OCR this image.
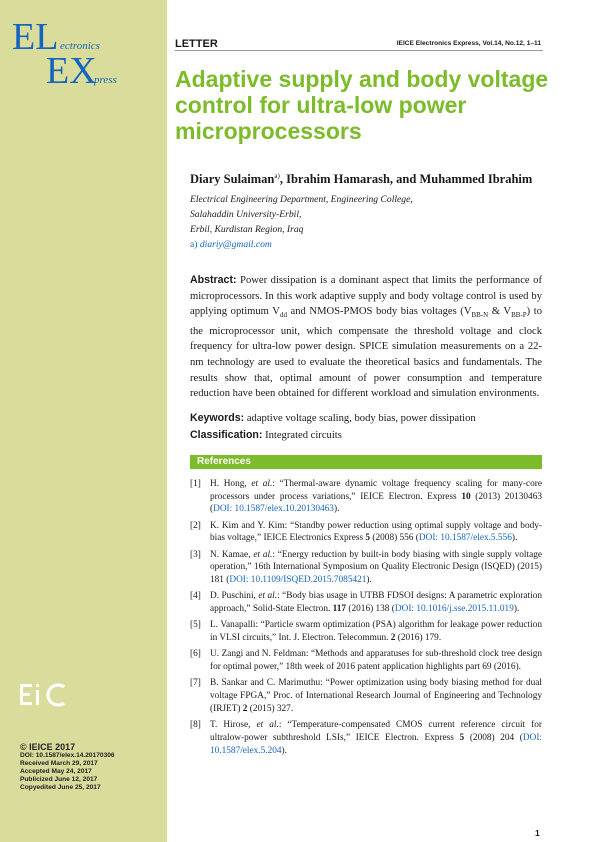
EL ectronics
EX
press
© IEICE 2017
DOI: 10.1587/elex.14.20170306
Received March 29, 2017
Accepted May 24, 2017
Publicized June 12, 2017
Copyedited June 25, 2017
LETTER	IEICE Electronics Express, Vol.14, No.12, 1–11
Adaptive supply and body voltage control for ultra-low power microprocessors
Diary Sulaiman$^{a)}$, Ibrahim Hamarash, and Muhammed Ibrahim
Electrical Engineering Department, Engineering College,
Salahaddin University-Erbil,
Erbil, Kurdistan Region, Iraq
a) diariy@gmail.com
Abstract: Power dissipation is a dominant aspect that limits the performance of microprocessors. In this work adaptive supply and body voltage control is used by applying optimum $V_{dd}$ and NMOS-PMOS body bias voltages ($V_{BB-N}$ & $V_{BB-P}$) to the microprocessor unit, which compensate the threshold voltage and clock frequency for ultra-low power design. SPICE simulation measurements on a 22-nm technology are used to evaluate the theoretical basics and fundamentals. The results show that, optimal amount of power consumption and temperature reduction have been obtained for different workload and simulation environments.
Keywords: adaptive voltage scaling, body bias, power dissipation
Classification: Integrated circuits
References
[1] H. Hong, et al.: “Thermal-aware dynamic voltage frequency scaling for many-core processors under process variations,” IEICE Electron. Express 10 (2013) 20130463 (DOI: 10.1587/elex.10.20130463).
[2] K. Kim and Y. Kim: “Standby power reduction using optimal supply voltage and body-bias voltage,” IEICE Electronics Express 5 (2008) 556 (DOI: 10.1587/elex.5.556).
[3] N. Kamae, et al.: “Energy reduction by built-in body biasing with single supply voltage operation,” 16th International Symposium on Quality Electronic Design (ISQED) (2015) 181 (DOI: 10.1109/ISQED.2015.7085421).
[4] D. Puschini, et al.: “Body bias usage in UTBB FDSOI designs: A parametric exploration approach,” Solid-State Electron. 117 (2016) 138 (DOI: 10.1016/j.sse.2015.11.019).
[5] L. Vanapalli: “Particle swarm optimization (PSA) algorithm for leakage power reduction in VLSI circuits,” Int. J. Electron. Telecommun. 2 (2016) 179.
[6] U. Zangi and N. Feldman: “Methods and apparatuses for sub-threshold clock tree design for optimal power,” 18th week of 2016 patent application highlights part 69 (2016).
[7] B. Sankar and C. Marimuthu: “Power optimization using body biasing method for dual voltage FPGA,” Proc. of International Research Journal of Engineering and Technology (IRJET) 2 (2015) 327.
[8] T. Hirose, et al.: “Temperature-compensated CMOS current reference circuit for ultralow-power subthreshold LSIs,” IEICE Electron. Express 5 (2008) 204 (DOI: 10.1587/elex.5.204).
1
